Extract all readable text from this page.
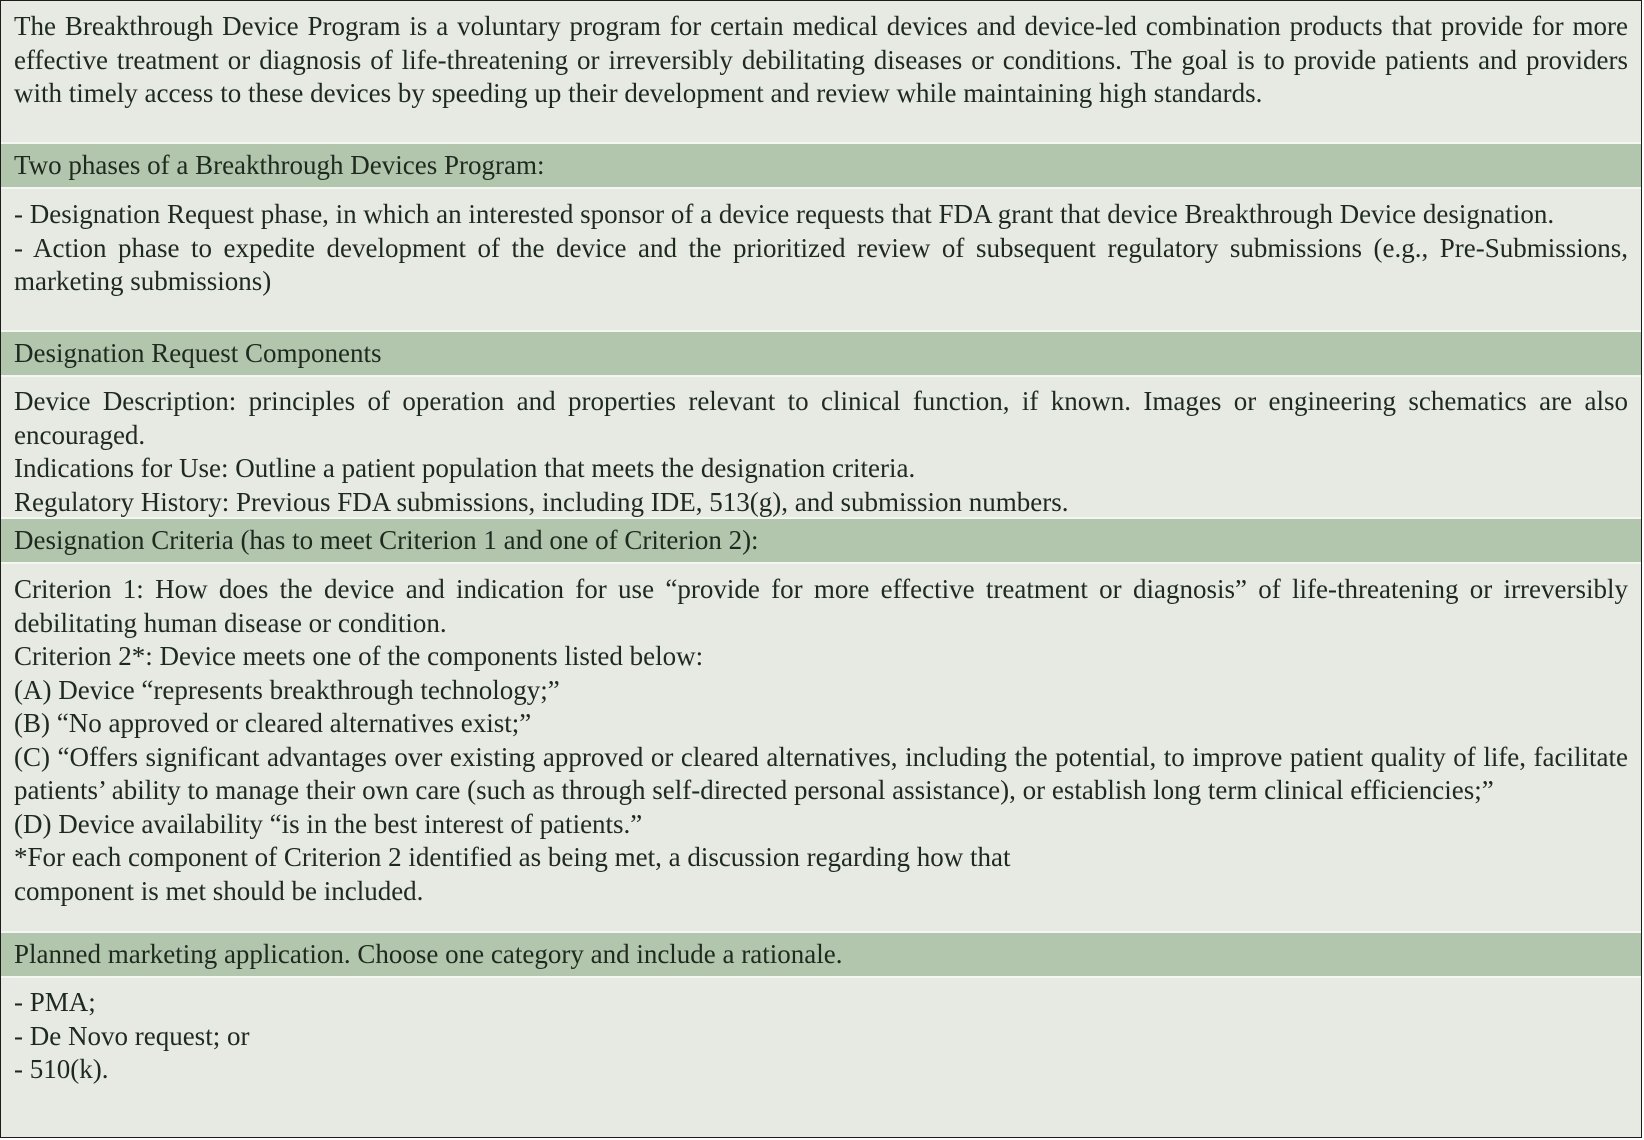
The Breakthrough Device Program is a voluntary program for certain medical devices and device-led combination products that provide for more effective treatment or diagnosis of life-threatening or irreversibly debilitating diseases or conditions. The goal is to provide patients and providers with timely access to these devices by speeding up their development and review while maintaining high standards.
Two phases of a Breakthrough Devices Program:
- Designation Request phase, in which an interested sponsor of a device requests that FDA grant that device Breakthrough Device designation.
- Action phase to expedite development of the device and the prioritized review of subsequent regulatory submissions (e.g., Pre-Submissions, marketing submissions)
Designation Request Components
Device Description: principles of operation and properties relevant to clinical function, if known. Images or engineering schematics are also encouraged.
Indications for Use: Outline a patient population that meets the designation criteria.
Regulatory History: Previous FDA submissions, including IDE, 513(g), and submission numbers.
Designation Criteria (has to meet Criterion 1 and one of Criterion 2):
Criterion 1: How does the device and indication for use “provide for more effective treatment or diagnosis” of life-threatening or irreversibly debilitating human disease or condition.
Criterion 2*: Device meets one of the components listed below:
(A) Device “represents breakthrough technology;”
(B) “No approved or cleared alternatives exist;”
(C) “Offers significant advantages over existing approved or cleared alternatives, including the potential, to improve patient quality of life, facilitate patients’ ability to manage their own care (such as through self-directed personal assistance), or establish long term clinical efficiencies;”
(D) Device availability “is in the best interest of patients.”
*For each component of Criterion 2 identified as being met, a discussion regarding how that
component is met should be included.
Planned marketing application. Choose one category and include a rationale.
- PMA;
- De Novo request; or
- 510(k).
